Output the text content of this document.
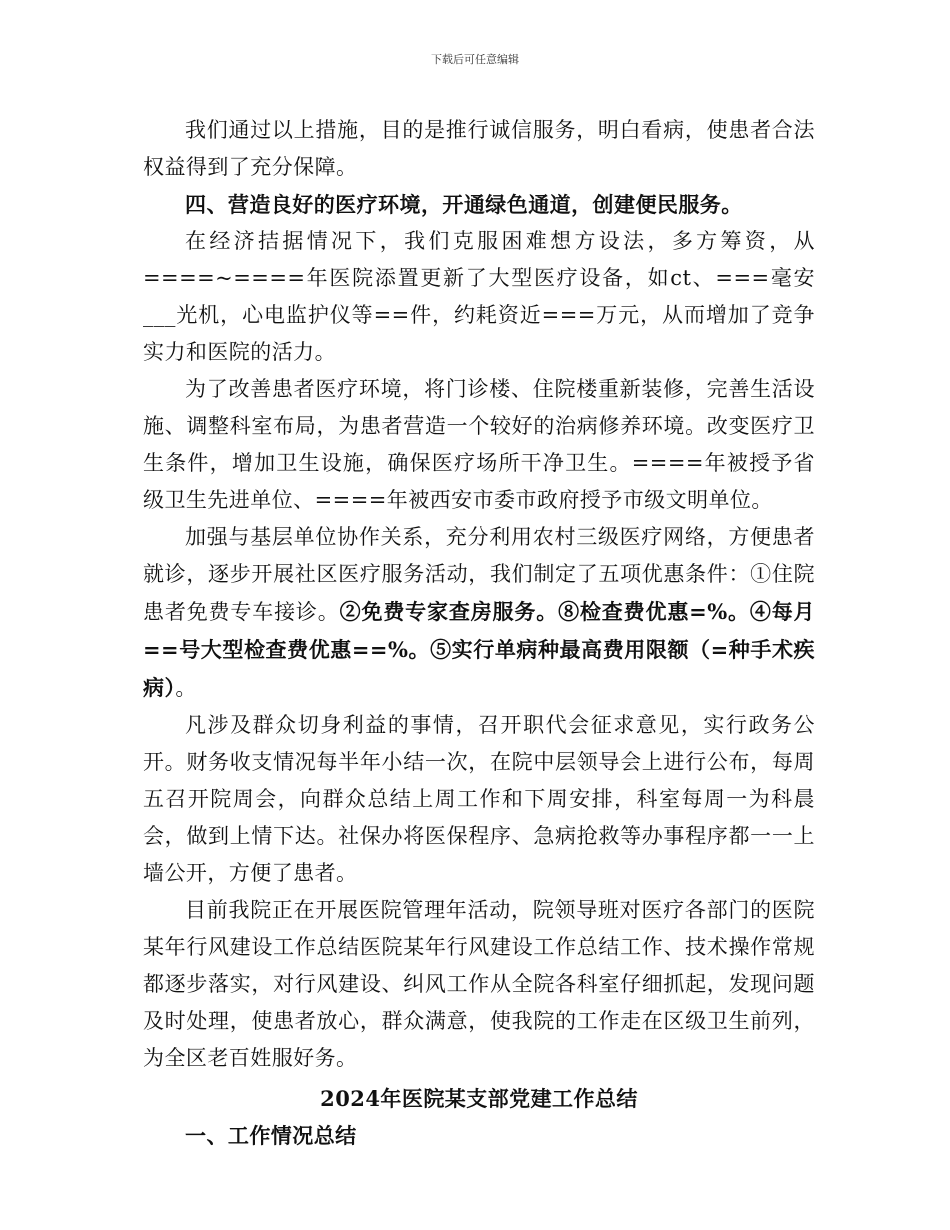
下载后可任意编辑

我们通过以上措施，目的是推行诚信服务，明白看病，使患者合法权益得到了充分保障。

四、营造良好的医疗环境，开通绿色通道，创建便民服务。

在经济拮据情况下，我们克服困难想方设法，多方筹资，从====~====年医院添置更新了大型医疗设备，如ct、===毫安___光机，心电监护仪等==件，约耗资近===万元，从而增加了竞争实力和医院的活力。

为了改善患者医疗环境，将门诊楼、住院楼重新装修，完善生活设施、调整科室布局，为患者营造一个较好的治病修养环境。改变医疗卫生条件，增加卫生设施，确保医疗场所干净卫生。====年被授予省级卫生先进单位、====年被西安市委市政府授予市级文明单位。

加强与基层单位协作关系，充分利用农村三级医疗网络，方便患者就诊，逐步开展社区医疗服务活动，我们制定了五项优惠条件：①住院患者免费专车接诊。②免费专家查房服务。⑧检查费优惠=%。④每月==号大型检查费优惠==%。⑤实行单病种最高费用限额（=种手术疾病）。

凡涉及群众切身利益的事情，召开职代会征求意见，实行政务公开。财务收支情况每半年小结一次，在院中层领导会上进行公布，每周五召开院周会，向群众总结上周工作和下周安排，科室每周一为科晨会，做到上情下达。社保办将医保程序、急病抢救等办事程序都一一上墙公开，方便了患者。

目前我院正在开展医院管理年活动，院领导班对医疗各部门的医院某年行风建设工作总结医院某年行风建设工作总结工作、技术操作常规都逐步落实，对行风建设、纠风工作从全院各科室仔细抓起，发现问题及时处理，使患者放心，群众满意，使我院的工作走在区级卫生前列，为全区老百姓服好务。

2024年医院某支部党建工作总结

一、工作情况总结
